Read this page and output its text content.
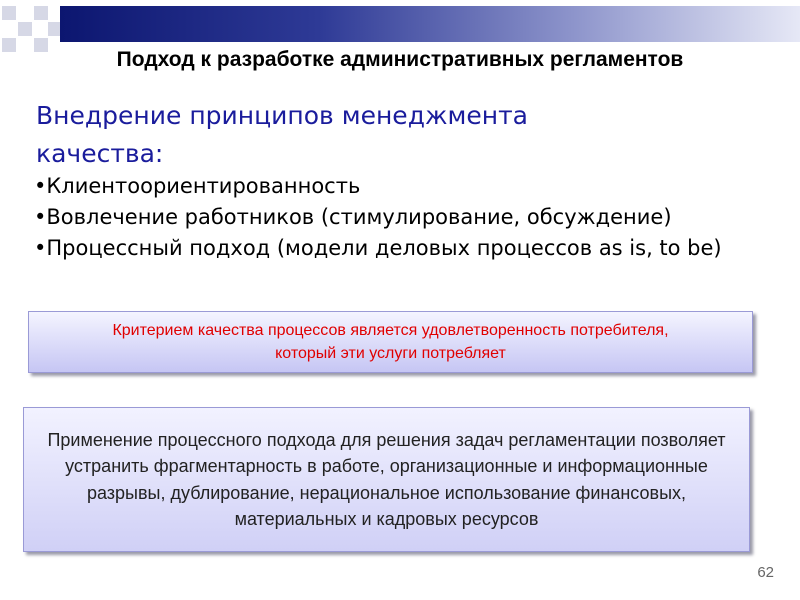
Подход к разработке административных регламентов
Внедрение принципов менеджмента
качества:
•Клиентоориентированность
•Вовлечение работников (стимулирование, обсуждение)
•Процессный подход (модели деловых процессов as is, to be)
Критерием качества процессов является удовлетворенность потребителя, который эти услуги потребляет
Применение процессного подхода для решения задач регламентации позволяет устранить фрагментарность в работе, организационные и информационные разрывы, дублирование, нерациональное использование финансовых, материальных и кадровых ресурсов
62
